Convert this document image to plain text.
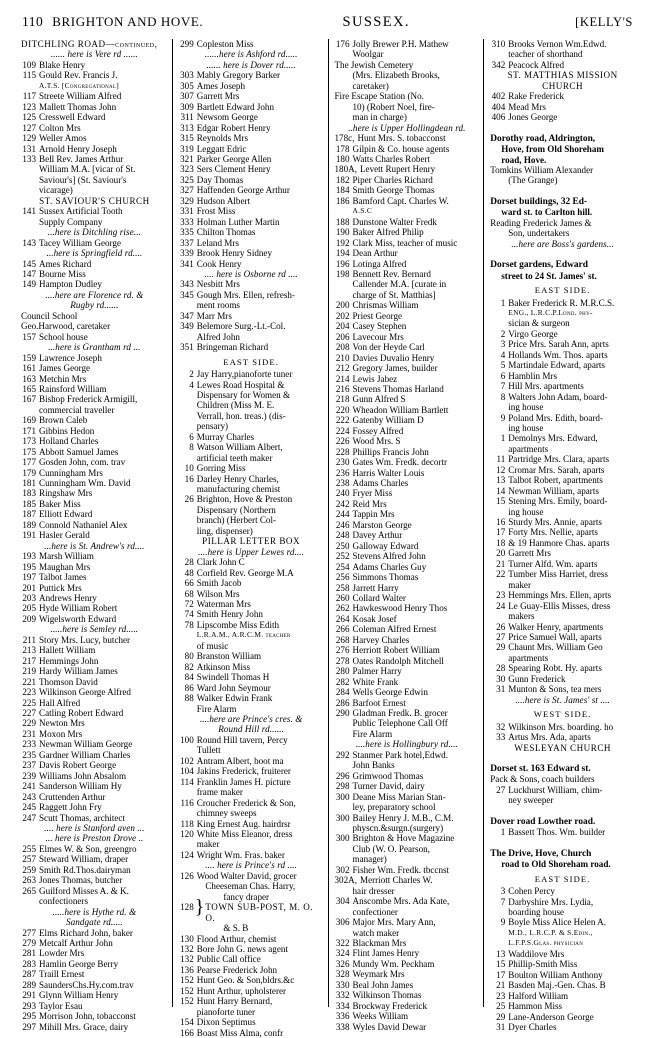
110 BRIGHTON AND HOVE.	SUSSEX.	[KELLY'S
DITCHLING ROAD—continued,
...... here is Vere rd ......
109 Blake Henry
115 Gould Rev. Francis J.
A.T.S. [Congregational]
117 Streete William Alfred
123 Mallett Thomas John
125 Cresswell Edward
127 Colton Mrs
129 Weller Amos
131 Arnold Henry Joseph
133 Bell Rev. James Arthur
William M.A. [vicar of St.
Saviour's] (St. Saviour's
vicarage)
ST. SAVIOUR'S CHURCH
141 Sussex Artificial Tooth
Supply Company
...here is Ditchling rise...
143 Tacey William George
...here is Springfield rd....
145 Ames Richard
147 Bourne Miss
149 Hampton Dudley
....here are Florence rd. &
Rugby rd......
Council School
Geo.Harwood, caretaker
157 School house
...here is Grantham rd ...
159 Lawrence Joseph
161 James George
163 Metchin Mrs
165 Rainsford William
167 Bishop Frederick Armigill,
commercial traveller
169 Brown Caleb
171 Gibbins Hedon
173 Holland Charles
175 Abbott Samuel James
177 Gosden John, com. trav
179 Cunningham Mrs
181 Cunningham Wm. David
183 Ringshaw Mrs
185 Baker Miss
187 Elliott Edward
189 Connold Nathaniel Alex
191 Hasler Gerald
...here is St. Andrew's rd....
193 Marsh William
195 Maughan Mrs
197 Talbot James
201 Puttick Mrs
203 Andrews Henry
205 Hyde William Robert
209 Wigelsworth Edward
.....here is Semley rd.....
211 Story Mrs. Lucy, butcher
213 Hallett William
217 Hemmings John
219 Hardy William James
221 Thomson David
223 Wilkinson George Alfred
225 Hall Alfred
227 Catling Robert Edward
229 Newton Mrs
231 Moxon Mrs
233 Newman William George
235 Gardner William Charles
237 Davis Robert George
239 Williams John Absalom
241 Sanderson William Hy
243 Cruttenden Arthur
245 Raggett John Fry
247 Scutt Thomas, architect
.... here is Stanford aven ...
... here is Preston Drove ..
255 Elmes W. & Son, greengro
257 Steward William, draper
259 Smith Rd.Thos.dairyman
263 Jones Thomas, butcher
265 Guilford Misses A. & K.
confectioners
.....here is Hythe rd. &
Sandgate rd.....
277 Elms Richard John, baker
279 Metcalf Arthur John
281 Lowder Mrs
283 Hamlin George Berry
287 Traill Ernest
289 SaundersChs.Hy.com.trav
291 Glynn William Henry
293 Taylor Esau
295 Morrison John, tobacconst
297 Mihill Mrs. Grace, dairy
299 Copleston Miss
......here is Ashford rd.....
...... here is Dover rd.....
303 Mably Gregory Barker
305 Ames Joseph
307 Garrett Mrs
309 Bartlett Edward John
311 Newsom George
313 Edgar Robert Henry
315 Reynolds Mrs
319 Leggatt Edric
321 Parker George Allen
323 Sers Clement Henry
325 Day Thomas
327 Haffenden George Arthur
329 Hudson Albert
331 Frost Miss
333 Holman Luther Martin
335 Chilton Thomas
337 Leland Mrs
339 Brook Henry Sidney
341 Cook Henry
.... here is Osborne rd ....
343 Nesbitt Mrs
345 Gough Mrs. Ellen, refresh-
ment rooms
347 Marr Mrs
349 Belemore Surg.-Lt.-Col.
Alfred John
351 Bringeman Richard
EAST SIDE.
2 Jay Harry,pianoforte tuner
4 Lewes Road Hospital &
Dispensary for Women &
Children (Miss M. E.
Verrall, hon. treas.) (dis-
pensary)
6 Murray Charles
8 Watson William Albert,
artificial teeth maker
10 Gorring Miss
16 Darley Henry Charles,
manufacturing chemist
26 Brighton, Hove & Preston
Dispensary (Northern
branch) (Herbert Col-
ling, dispenser)
PILLAR LETTER BOX
....here is Upper Lewes rd....
28 Clark John C
48 Corfield Rev. George M.A
66 Smith Jacob
68 Wilson Mrs
72 Waterman Mrs
74 Smith Henry John
78 Lipscombe Miss Edith
L.R.A.M., A.R.C.M. teacher
of music
80 Branston William
82 Atkinson Miss
84 Swindell Thomas H
86 Ward John Seymour
88 Walker Edwin Frank
Fire Alarm
....here are Prince's cres. &
Round Hill rd......
100 Round Hill tavern, Percy
Tullett
102 Antram Albert, boot ma
104 Jakins Frederick, fruiterer
114 Franklin James H. picture
frame maker
116 Croucher Frederick & Son,
chimney sweeps
118 King Ernest Aug. hairdrsr
120 White Miss Eleanor, dress
maker
124 Wright Wm. Fras. baker
.... here is Prince's rd ....
126 Wood Walter David, grocer
128 }
Cheeseman Chas. Harry,
fancy draper
TOWN SUB-POST, M. O. O.
& S. B
130 Flood Arthur, chemist
132 Bore John G. news agent
132 Public Call office
136 Pearse Frederick John
152 Hunt Geo. & Son,bldrs.&c
152 Hunt Arthur, upholsterer
152 Hunt Harry Bernard,
pianoforte tuner
154 Dixon Septimus
166 Boast Miss Alma, confr
176 Jolly Brewer P.H. Mathew
Woolgar
The Jewish Cemetery
(Mrs. Elizabeth Brooks,
caretaker)
Fire Escape Station (No.
10) (Robert Noel, fire-
man in charge)
..here is Upper Hollingdean rd.
178c, Hunt Mrs. S. tobacconst
178 Gilpin & Co. house agents
180 Watts Charles Robert
180A, Levett Rupert Henry
182 Piper Charles Richard
184 Smith George Thomas
186 Bamford Capt. Charles W.
A.S.C
188 Dunstone Walter Fredk
190 Baker Alfred Philip
192 Clark Miss, teacher of music
194 Dean Arthur
196 Lotinga Alfred
198 Bennett Rev. Bernard
Callender M.A. [curate in
charge of St. Matthias]
200 Chrismas William
202 Priest George
204 Casey Stephen
206 Lavecour Mrs
208 Von der Heyde Carl
210 Davies Duvalio Henry
212 Gregory James, builder
214 Lewis Jabez
216 Stevens Thomas Harland
218 Gunn Alfred S
220 Wheadon William Bartlett
222 Gatenby William D
224 Fossey Alfred
226 Wood Mrs. S
228 Phillips Francis John
230 Gates Wm. Fredk. decortr
236 Harris Walter Louis
238 Adams Charles
240 Fryer Miss
242 Reid Mrs
244 Tappin Mrs
246 Marston George
248 Davey Arthur
250 Galloway Edward
252 Stevens Alfred John
254 Adams Charles Guy
256 Simmons Thomas
258 Jarrett Harry
260 Collard Walter
262 Hawkeswood Henry Thos
264 Kosak Josef
266 Coleman Alfred Ernest
268 Harvey Charles
276 Herriott Robert William
278 Oates Randolph Mitchell
280 Palmer Harry
282 White Frank
284 Wells George Edwin
286 Barfoot Ernest
290 Gladman Fredk. B. grocer
Public Telephone Call Off
Fire Alarm
....here is Hollingbury rd....
292 Stanmer Park hotel,Edwd.
John Banks
296 Grimwood Thomas
298 Turner David, dairy
300 Deane Miss Marian Stan-
ley, preparatory school
300 Bailey Henry J. M.B., C.M.
physcn.&surgn.(surgery)
300 Brighton & Hove Magazine
Club (W. O. Pearson,
manager)
302 Fisher Wm. Fredk. tbccnst
302A, Merriott Charles W.
hair dresser
304 Anscombe Mrs. Ada Kate,
confectioner
306 Major Mrs. Mary Ann,
watch maker
322 Blackman Mrs
324 Flint James Henry
326 Mundy Wm. Peckham
328 Weymark Mrs
330 Beal John James
332 Wilkinson Thomas
334 Brockway Frederick
336 Weeks William
338 Wyles David Dewar
310 Brooks Vernon Wm.Edwd.
teacher of shorthand
342 Peacock Alfred
ST. MATTHIAS MISSION
CHURCH
402 Rake Frederick
404 Mead Mrs
406 Jones George
Dorothy road, Aldrington,
Hove, from Old Shoreham
road, Hove.
Tomkins William Alexander
(The Grange)
Dorset buildings, 32 Ed-
ward st. to Carlton hill.
Reading Frederick James &
Son, undertakers
...here are Boss's gardens...
Dorset gardens, Edward
street to 24 St. James' st.
EAST SIDE.
1 Baker Frederick R. M.R.C.S.
ENG., L.R.C.P.Lond. phy-
sician & surgeon
2 Virgo George
3 Price Mrs. Sarah Ann, aprts
4 Hollands Wm. Thos. aparts
5 Martindale Edward, aparts
6 Hamblin Mrs
7 Hill Mrs. apartments
8 Walters John Adam, board-
ing house
9 Poland Mrs. Edith, board-
ing house
1 Demolnys Mrs. Edward,
apartments
11 Partridge Mrs. Clara, aparts
12 Cromar Mrs. Sarah, aparts
13 Talbot Robert, apartments
14 Newman William, aparts
15 Stening Mrs. Emily, board-
ing house
16 Sturdy Mrs. Annie, aparts
17 Forty Mrs. Nellie, aparts
18 & 19 Hanmore Chas. aparts
20 Garrett Mrs
21 Turner Alfd. Wm. aparts
22 Tumber Miss Harriet, dress
maker
23 Hemmings Mrs. Ellen, aprts
24 Le Guay-Ellis Misses, dress
makers
26 Walker Henry, apartments
27 Price Samuel Wall, aparts
29 Chaunt Mrs. William Geo
apartments
28 Spearing Robt. Hy. aparts
30 Gunn Frederick
31 Munton & Sons, tea mers
....here is St. James' st ....
WEST SIDE.
32 Wilkinson Mrs. boarding. ho
33 Artus Mrs. Ada, aparts
WESLEYAN CHURCH
Dorset st. 163 Edward st.
Pack & Sons, coach builders
27 Luckhurst William, chim-
ney sweeper
Dover road Lowther road.
1 Bassett Thos. Wm. builder
The Drive, Hove, Church
road to Old Shoreham road.
EAST SIDE.
3 Cohen Percy
7 Darbyshire Mrs. Lydia,
boarding house
9 Boyle Miss Alice Helen A.
M.D., L.R.C.P. & S.Edin.,
L.F.P.S.Glas. physician
13 Waddilove Mrs
15 Phillip-Smith Miss
17 Boulton William Anthony
21 Basden Maj.-Gen. Chas. B
23 Halford William
25 Hammon Miss
29 Lane-Anderson George
31 Dyer Charles
